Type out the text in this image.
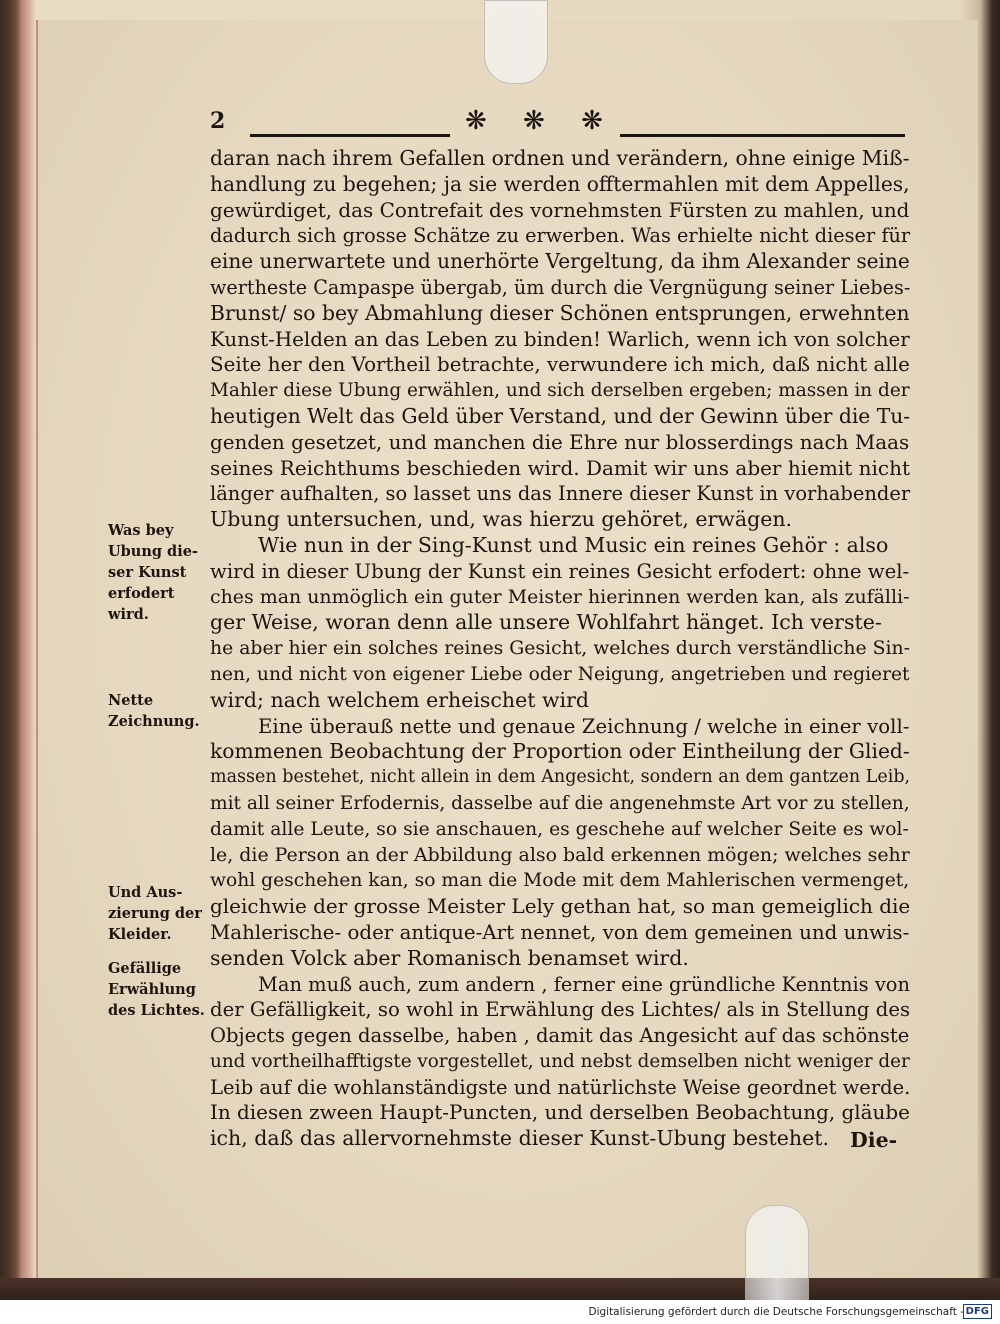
2	❋ ❋ ❋
daran nach ihrem Gefallen ordnen und verändern, ohne einige Miß-
handlung zu begehen; ja sie werden offtermahlen mit dem Appelles,
gewürdiget, das Contrefait des vornehmsten Fürsten zu mahlen, und
dadurch sich grosse Schätze zu erwerben. Was erhielte nicht dieser für
eine unerwartete und unerhörte Vergeltung, da ihm Alexander seine
wertheste Campaspe übergab, üm durch die Vergnügung seiner Liebes-
Brunst/ so bey Abmahlung dieser Schönen entsprungen, erwehnten
Kunst-Helden an das Leben zu binden! Warlich, wenn ich von solcher
Seite her den Vortheil betrachte, verwundere ich mich, daß nicht alle
Mahler diese Ubung erwählen, und sich derselben ergeben; massen in der
heutigen Welt das Geld über Verstand, und der Gewinn über die Tu-
genden gesetzet, und manchen die Ehre nur blosserdings nach Maas
seines Reichthums beschieden wird. Damit wir uns aber hiemit nicht
länger aufhalten, so lasset uns das Innere dieser Kunst in vorhabender
Ubung untersuchen, und, was hierzu gehöret, erwägen.
Wie nun in der Sing-Kunst und Music ein reines Gehör : also
wird in dieser Ubung der Kunst ein reines Gesicht erfodert: ohne wel-
ches man unmöglich ein guter Meister hierinnen werden kan, als zufälli-
ger Weise, woran denn alle unsere Wohlfahrt hänget. Ich verste-
he aber hier ein solches reines Gesicht, welches durch verständliche Sin-
nen, und nicht von eigener Liebe oder Neigung, angetrieben und regieret
wird; nach welchem erheischet wird
Eine überauß nette und genaue Zeichnung / welche in einer voll-
kommenen Beobachtung der Proportion oder Eintheilung der Glied-
massen bestehet, nicht allein in dem Angesicht, sondern an dem gantzen Leib,
mit all seiner Erfodernis, dasselbe auf die angenehmste Art vor zu stellen,
damit alle Leute, so sie anschauen, es geschehe auf welcher Seite es wol-
le, die Person an der Abbildung also bald erkennen mögen; welches sehr
wohl geschehen kan, so man die Mode mit dem Mahlerischen vermenget,
gleichwie der grosse Meister Lely gethan hat, so man gemeiglich die
Mahlerische- oder antique-Art nennet, von dem gemeinen und unwis-
senden Volck aber Romanisch benamset wird.
Man muß auch, zum andern , ferner eine gründliche Kenntnis von
der Gefälligkeit, so wohl in Erwählung des Lichtes/ als in Stellung des
Objects gegen dasselbe, haben , damit das Angesicht auf das schönste
und vortheilhafftigste vorgestellet, und nebst demselben nicht weniger der
Leib auf die wohlanständigste und natürlichste Weise geordnet werde.
In diesen zween Haupt-Puncten, und derselben Beobachtung, gläube
ich, daß das allervornehmste dieser Kunst-Ubung bestehet.
Was bey
Ubung die-
ser Kunst
erfodert
wird.
Nette
Zeichnung.
Und Aus-
zierung der
Kleider.
Gefällige
Erwählung
des Lichtes.
Die-
Digitalisierung gefördert durch die Deutsche Forschungsgemeinschaft - DFG
